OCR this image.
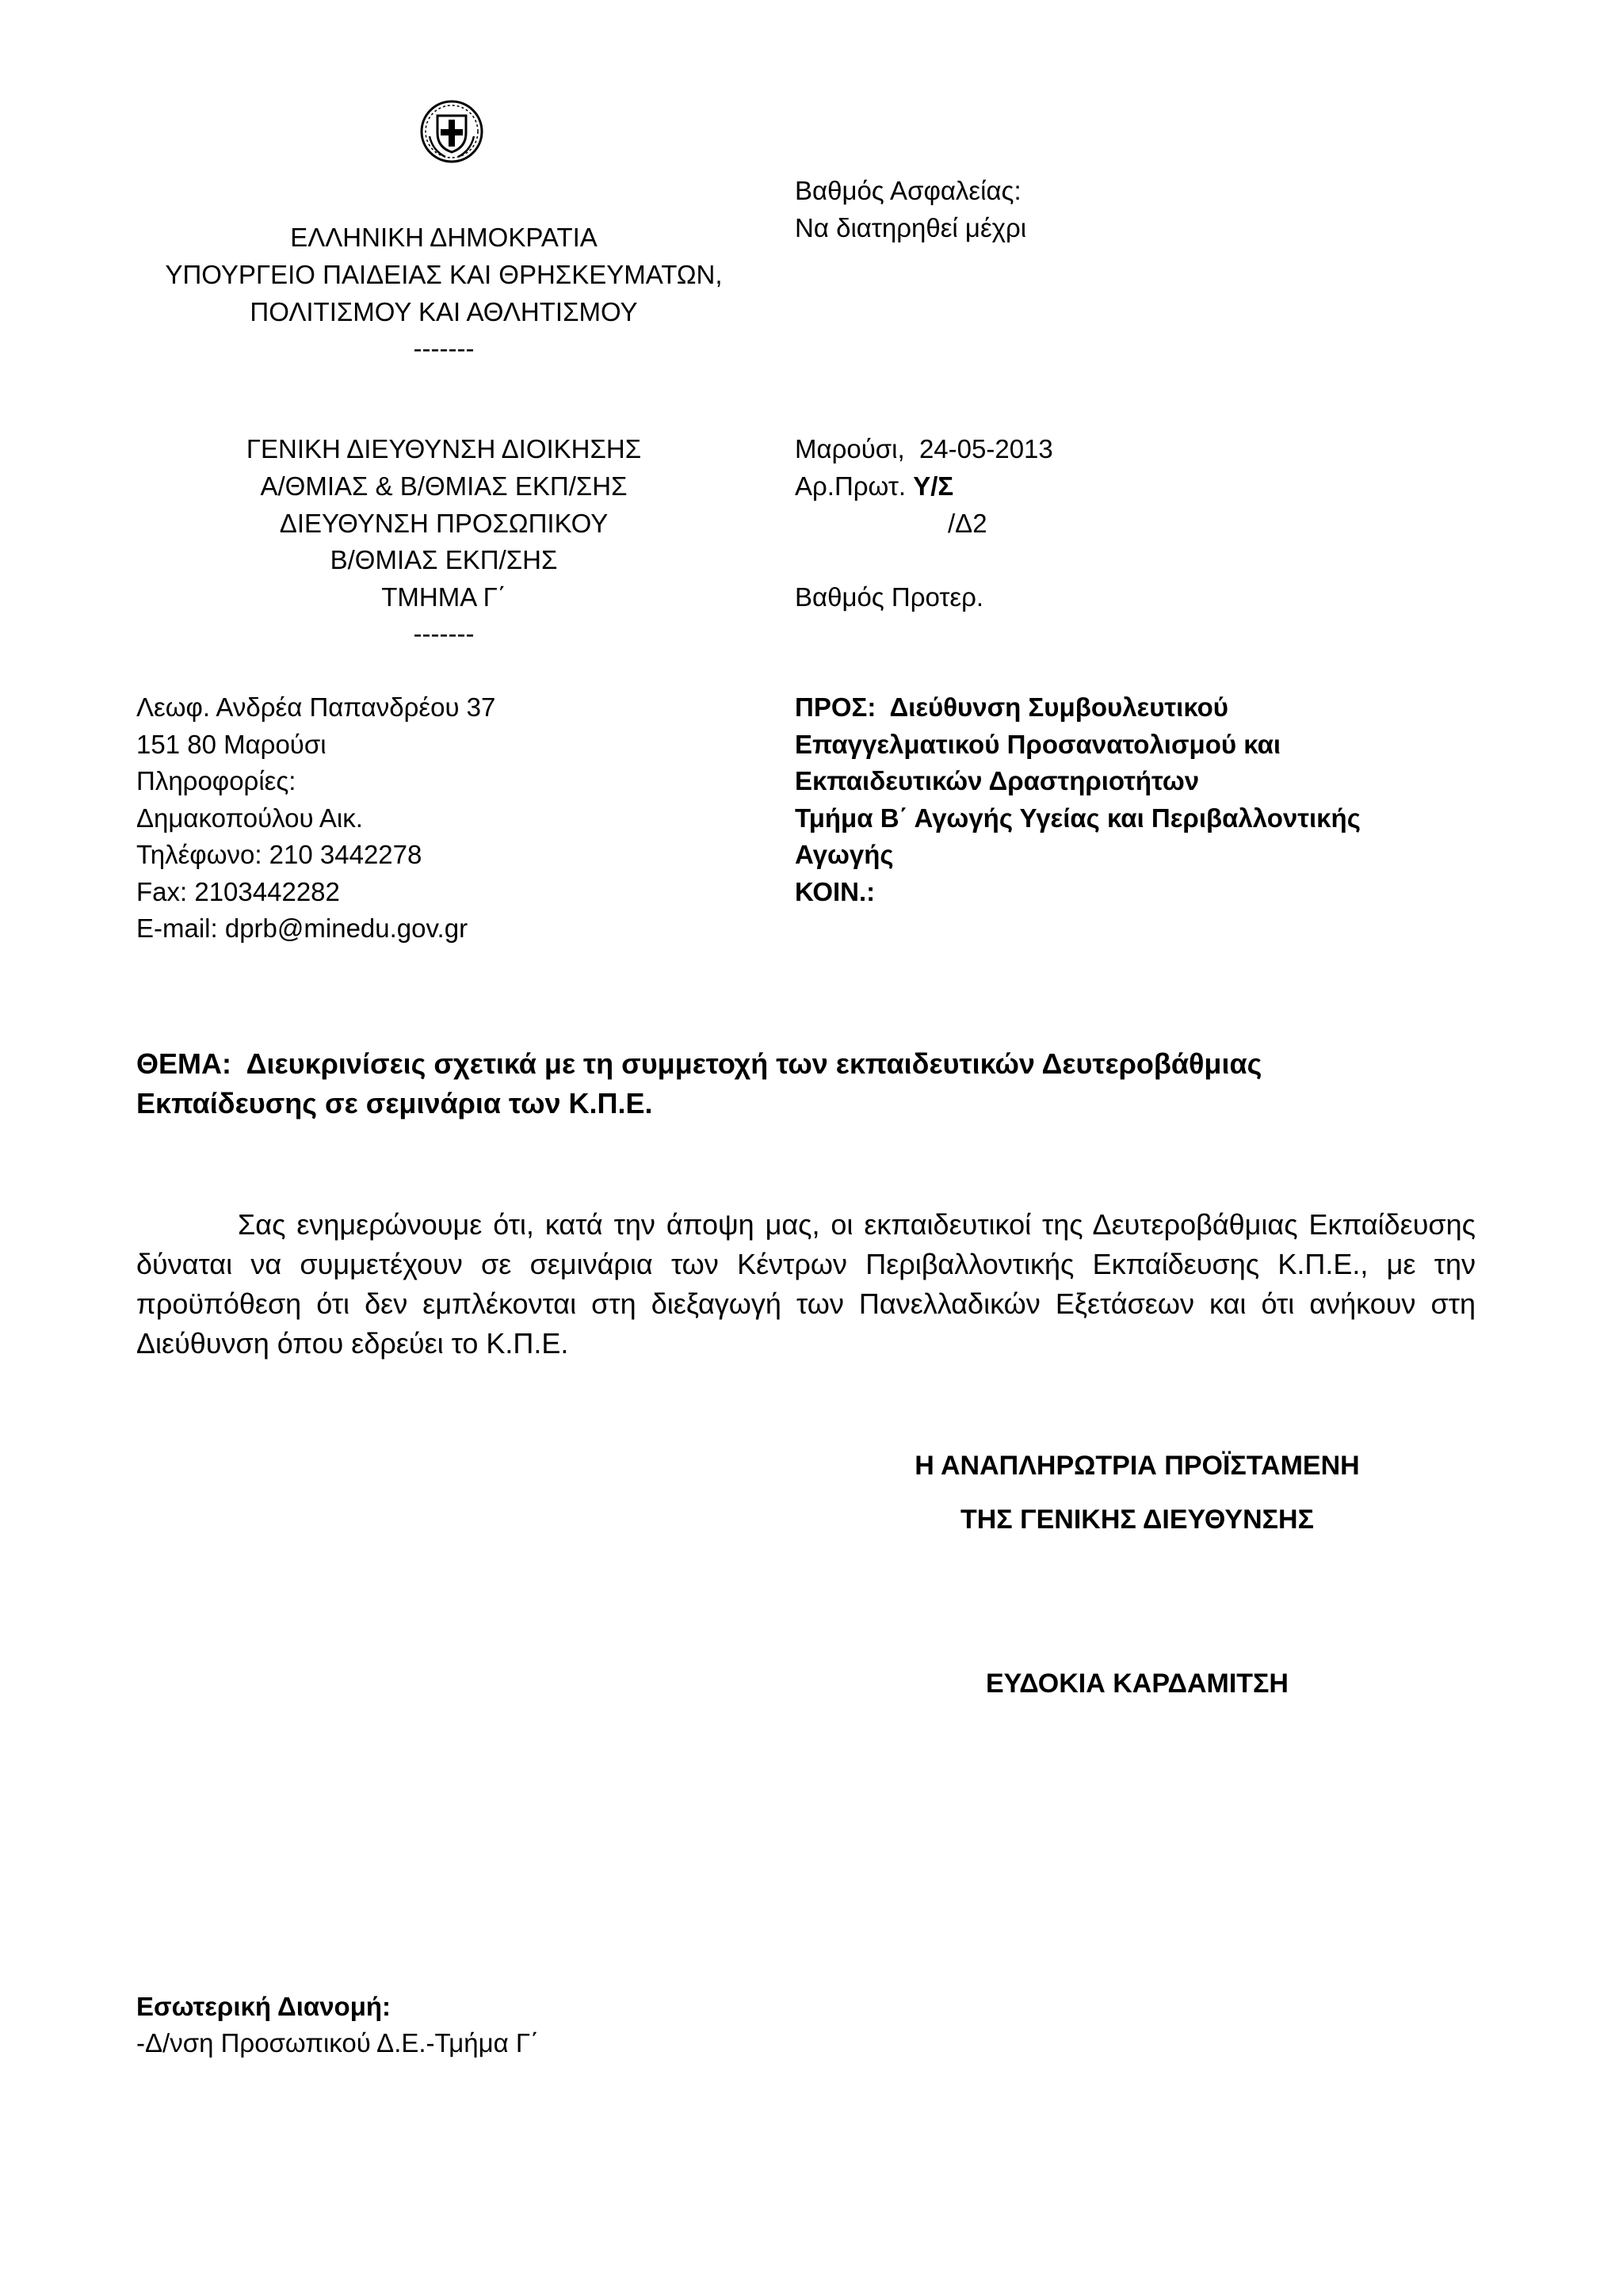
ΕΛΛΗΝΙΚΗ ΔΗΜΟΚΡΑΤΙΑ
ΥΠΟΥΡΓΕΙΟ ΠΑΙΔΕΙΑΣ ΚΑΙ ΘΡΗΣΚΕΥΜΑΤΩΝ,
ΠΟΛΙΤΙΣΜΟΥ ΚΑΙ ΑΘΛΗΤΙΣΜΟΥ
-------
ΓΕΝΙΚΗ ΔΙΕΥΘΥΝΣΗ ΔΙΟΙΚΗΣΗΣ
Α/ΘΜΙΑΣ & Β/ΘΜΙΑΣ ΕΚΠ/ΣΗΣ
ΔΙΕΥΘΥΝΣΗ ΠΡΟΣΩΠΙΚΟΥ
Β/ΘΜΙΑΣ ΕΚΠ/ΣΗΣ
ΤΜΗΜΑ Γ΄
-------
Βαθμός Ασφαλείας:
Να διατηρηθεί μέχρι
Μαρούσι, 24-05-2013
Αρ.Πρωτ. Υ/Σ
/Δ2
Βαθμός Προτερ.
Λεωφ. Ανδρέα Παπανδρέου 37
151 80 Μαρούσι
Πληροφορίες:
Δημακοπούλου Αικ.
Τηλέφωνο: 210 3442278
Fax: 2103442282
E-mail: dprb@minedu.gov.gr
ΠΡΟΣ: Διεύθυνση Συμβουλευτικού
Επαγγελματικού Προσανατολισμού και
Εκπαιδευτικών Δραστηριοτήτων
Τμήμα Β΄ Αγωγής Υγείας και Περιβαλλοντικής
Αγωγής
ΚΟΙΝ.:
ΘΕΜΑ: Διευκρινίσεις σχετικά με τη συμμετοχή των εκπαιδευτικών Δευτεροβάθμιας
Εκπαίδευσης σε σεμινάρια των Κ.Π.Ε.
Σας ενημερώνουμε ότι, κατά την άποψη μας, οι εκπαιδευτικοί της Δευτεροβάθμιας Εκπαίδευσης δύναται να συμμετέχουν σε σεμινάρια των Κέντρων Περιβαλλοντικής Εκπαίδευσης Κ.Π.Ε., με την προϋπόθεση ότι δεν εμπλέκονται στη διεξαγωγή των Πανελλαδικών Εξετάσεων και ότι ανήκουν στη Διεύθυνση όπου εδρεύει το Κ.Π.Ε.
Η ΑΝΑΠΛΗΡΩΤΡΙΑ ΠΡΟΪΣΤΑΜΕΝΗ
ΤΗΣ ΓΕΝΙΚΗΣ ΔΙΕΥΘΥΝΣΗΣ
ΕΥΔΟΚΙΑ ΚΑΡΔΑΜΙΤΣΗ
Εσωτερική Διανομή:
-Δ/νση Προσωπικού Δ.Ε.-Τμήμα Γ΄
